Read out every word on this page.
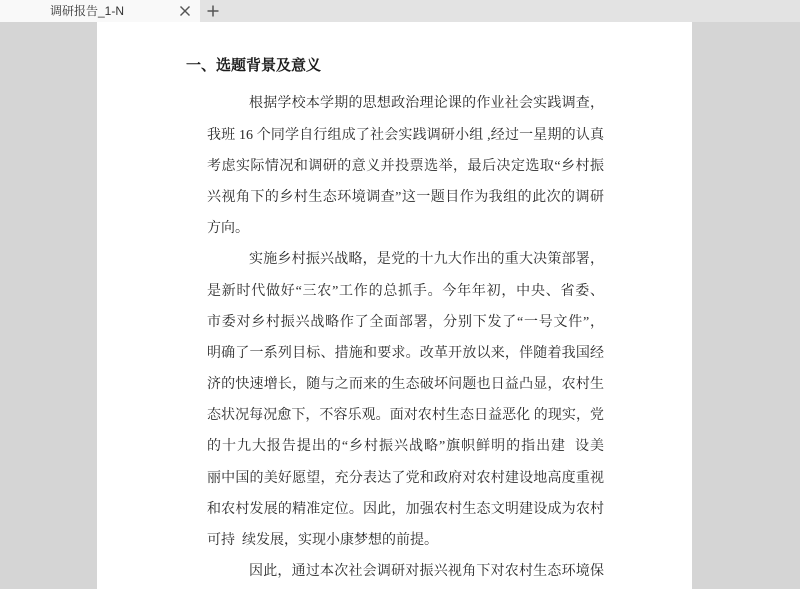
调研报告_1-N
一、选题背景及意义
根据学校本学期的思想政治理论课的作业社会实践调查，
我班 16 个同学自行组成了社会实践调研小组 ,经过一星期的认真
考虑实际情况和调研的意义并投票选举，最后决定选取“乡村振
兴视角下的乡村生态环境调查”这一题目作为我组的此次的调研
方向。
实施乡村振兴战略，是党的十九大作出的重大决策部署，
是新时代做好“三农”工作的总抓手。今年年初，中央、省委、
市委对乡村振兴战略作了全面部署，分别下发了“一号文件”，
明确了一系列目标、措施和要求。改革开放以来，伴随着我国经
济的快速增长，随与之而来的生态破坏问题也日益凸显，农村生
态状况每况愈下，不容乐观。面对农村生态日益恶化 的现实，党
的十九大报告提出的“乡村振兴战略”旗帜鲜明的指出建  设美
丽中国的美好愿望，充分表达了党和政府对农村建设地高度重视
和农村发展的精准定位。因此，加强农村生态文明建设成为农村
可持  续发展，实现小康梦想的前提。
因此，通过本次社会调研对振兴视角下对农村生态环境保
